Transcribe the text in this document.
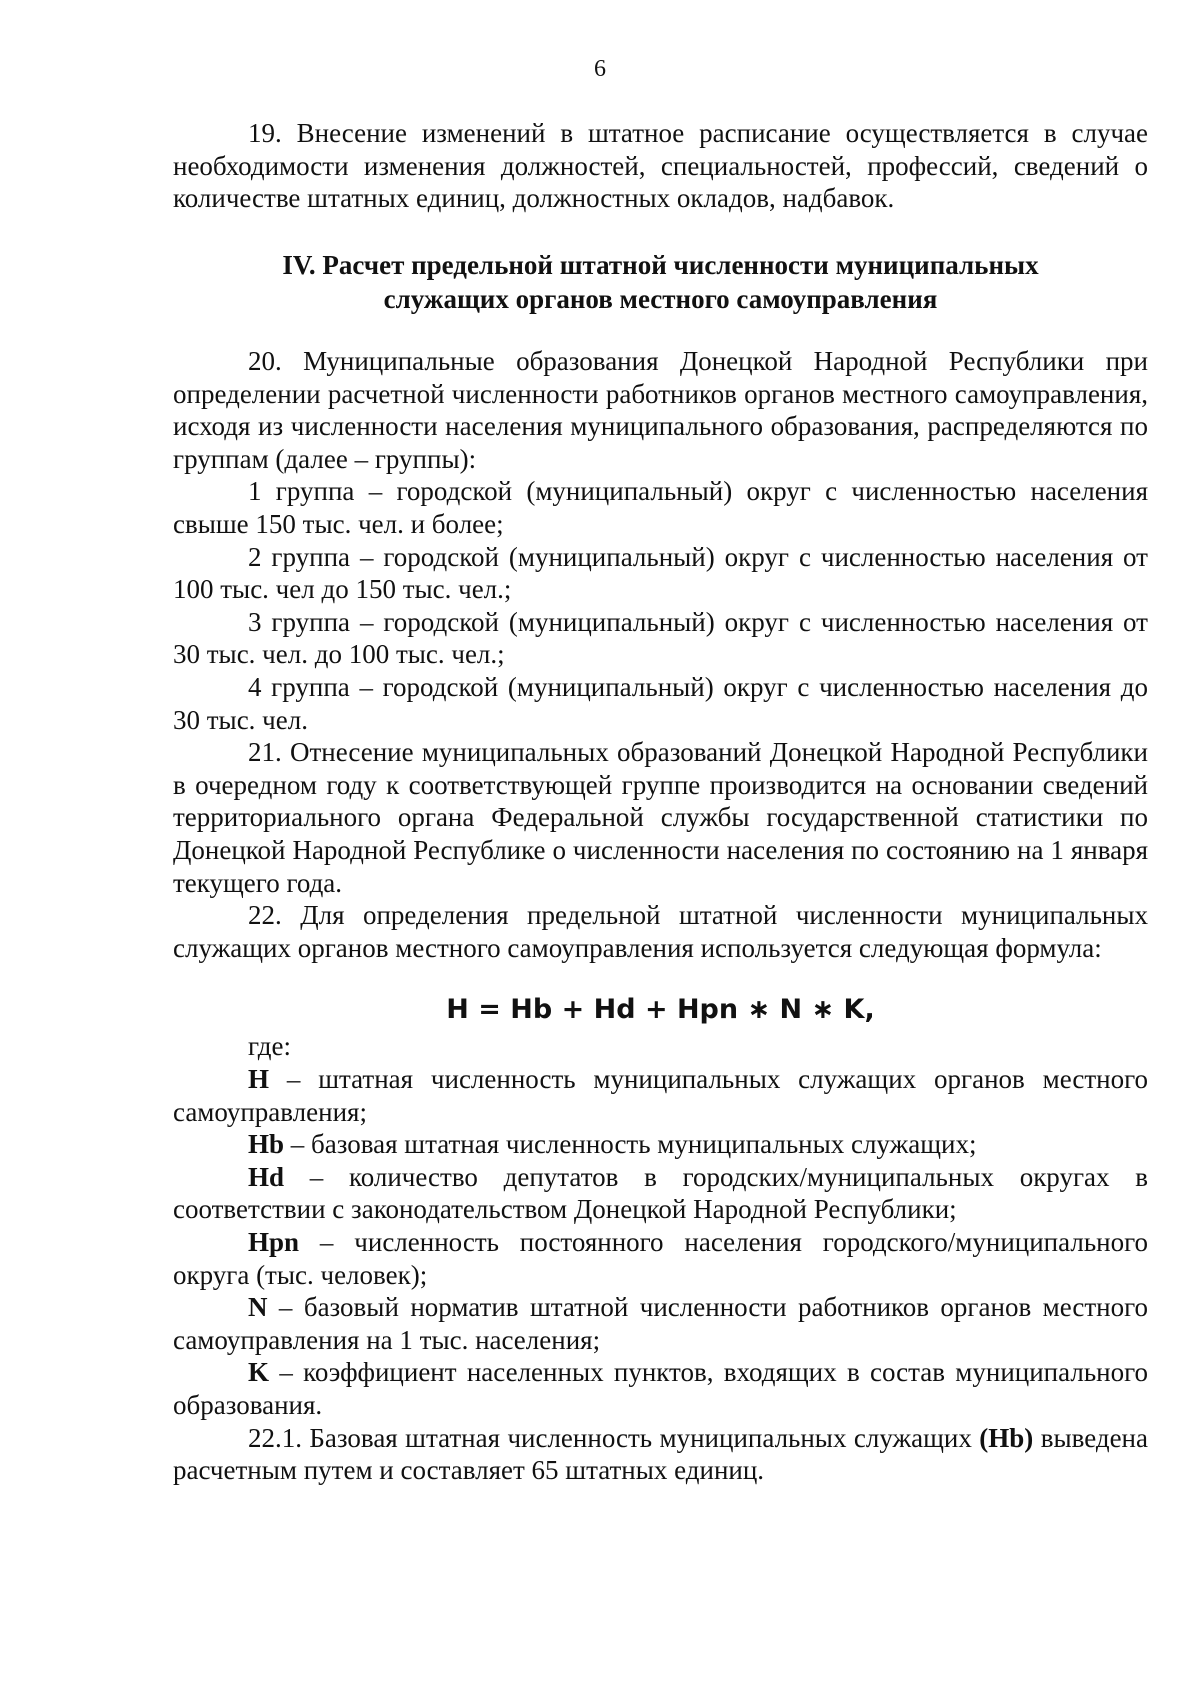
6

19. Внесение изменений в штатное расписание осуществляется в случае необходимости изменения должностей, специальностей, профессий, сведений о количестве штатных единиц, должностных окладов, надбавок.

IV. Расчет предельной штатной численности муниципальных

служащих органов местного самоуправления

20. Муниципальные образования Донецкой Народной Республики при определении расчетной численности работников органов местного самоуправления, исходя из численности населения муниципального образования, распределяются по группам (далее – группы):

1 группа – городской (муниципальный) округ с численностью населения свыше 150 тыс. чел. и более;

2 группа – городской (муниципальный) округ с численностью населения от 100 тыс. чел до 150 тыс. чел.;

3 группа – городской (муниципальный) округ с численностью населения от 30 тыс. чел. до 100 тыс. чел.;

4 группа – городской (муниципальный) округ с численностью населения до 30 тыс. чел.

21. Отнесение муниципальных образований Донецкой Народной Республики в очередном году к соответствующей группе производится на основании сведений территориального органа Федеральной службы государственной статистики по Донецкой Народной Республике о численности населения по состоянию на 1 января текущего года.

22. Для определения предельной штатной численности муниципальных служащих органов местного самоуправления используется следующая формула:

H = Hb + Hd + Hpn ∗ N ∗ K,

где:

H – штатная численность муниципальных служащих органов местного самоуправления;

Hb – базовая штатная численность муниципальных служащих;

Hd – количество депутатов в городских/муниципальных округах в соответствии с законодательством Донецкой Народной Республики;

Hpn – численность постоянного населения городского/муниципального округа (тыс. человек);

N – базовый норматив штатной численности работников органов местного самоуправления на 1 тыс. населения;

K – коэффициент населенных пунктов, входящих в состав муниципального образования.

22.1. Базовая штатная численность муниципальных служащих (Hb) выведена расчетным путем и составляет 65 штатных единиц.
